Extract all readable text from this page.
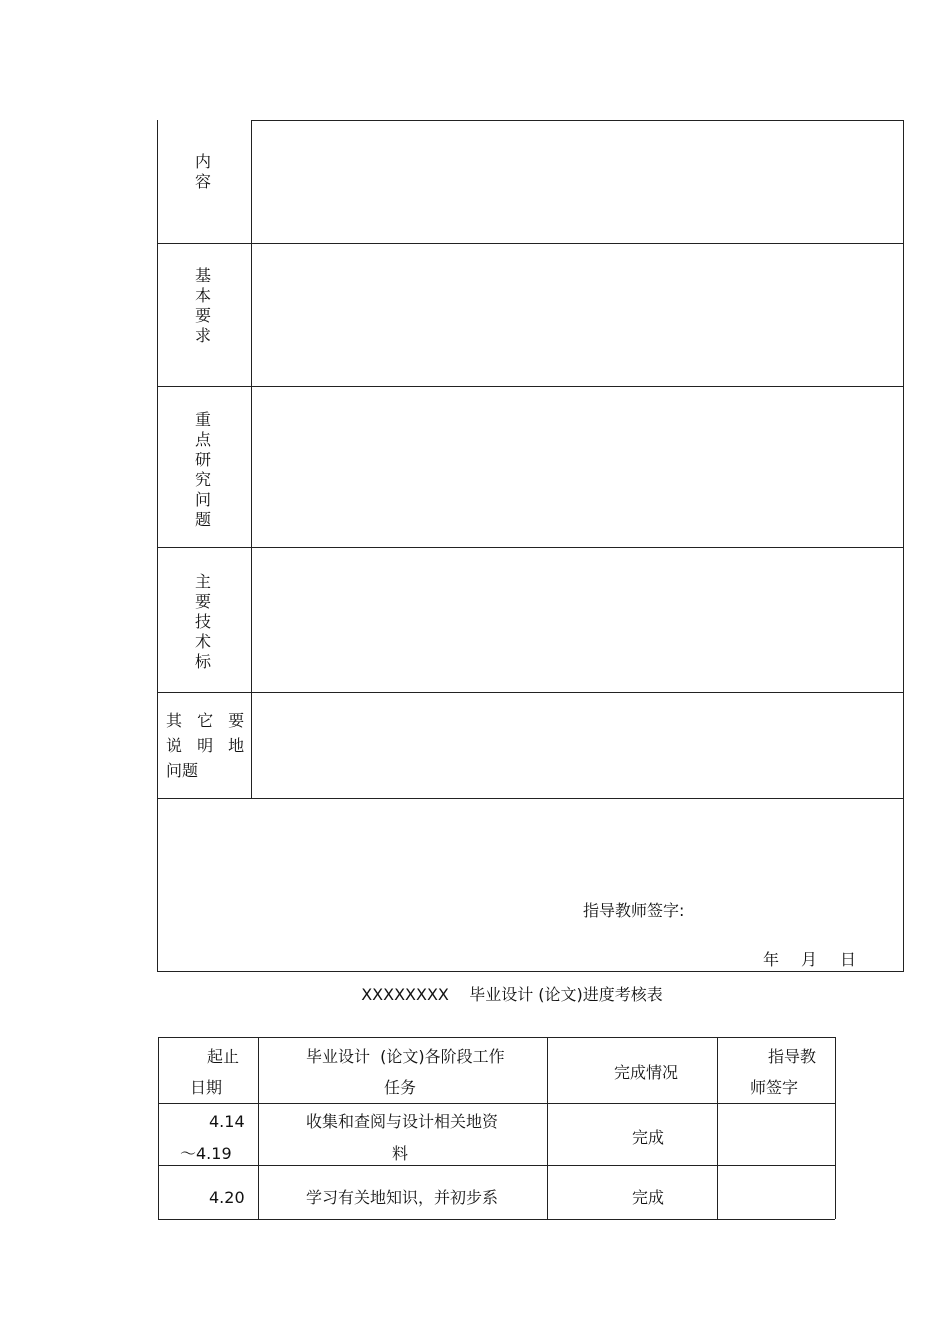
内
容
基
本
要
求
重
点
研
究
问
题
主
要
技
术
标
其 它 要
说 明 地
问题
指导教师签字:
年 月 日
XXXXXXXX    毕业设计 (论文)进度考核表
起止
日期
毕业设计  (论文)各阶段工作
任务
完成情况
指导教
师签字
4.14
～4.19
收集和查阅与设计相关地资
料
完成
4.20	学习有关地知识，并初步系	完成
